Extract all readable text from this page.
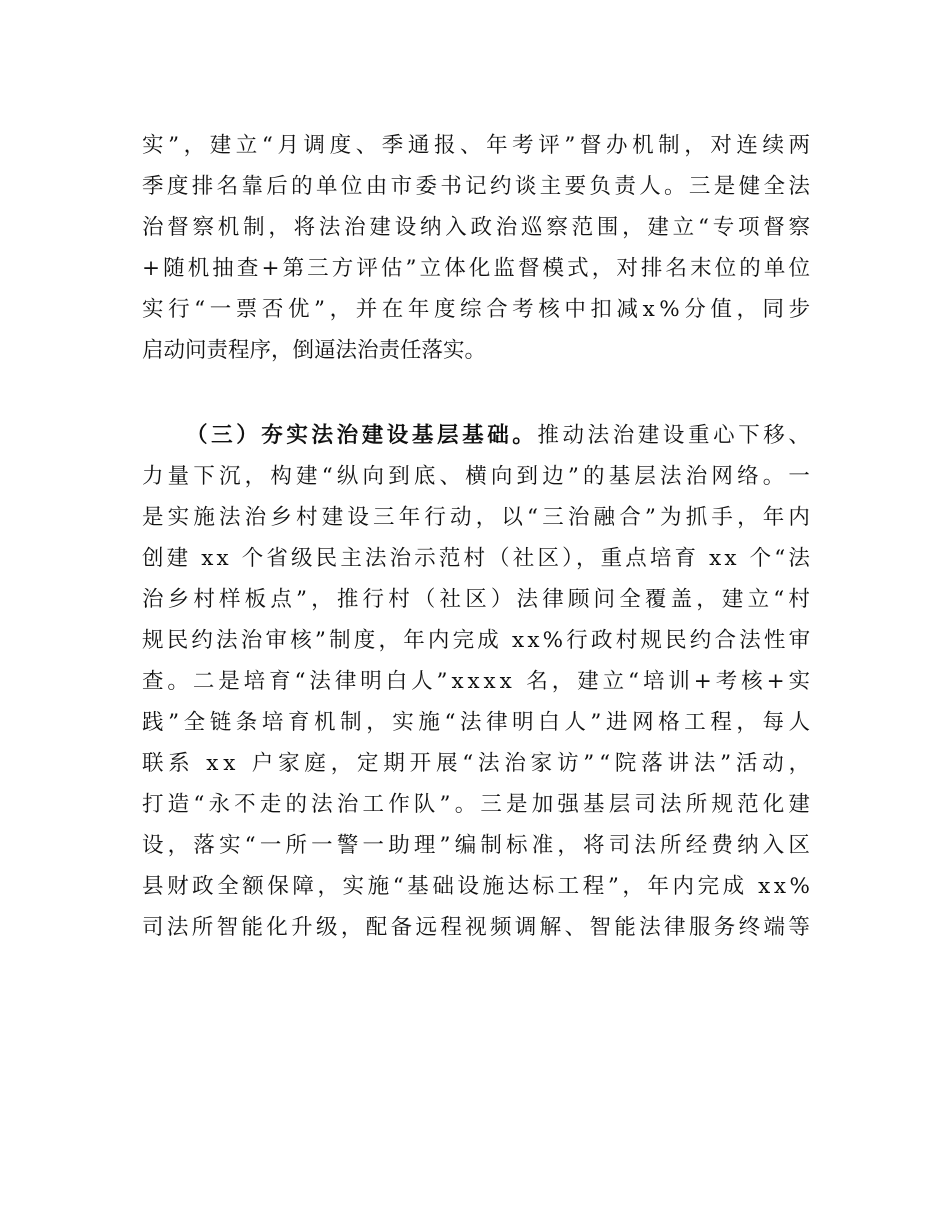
实”，建立“月调度、季通报、年考评”督办机制，对连续两
季度排名靠后的单位由市委书记约谈主要负责人。三是健全法
治督察机制，将法治建设纳入政治巡察范围，建立“专项督察
+随机抽查+第三方评估”立体化监督模式，对排名末位的单位
实行“一票否优”，并在年度综合考核中扣减x%分值，同步
启动问责程序，倒逼法治责任落实。
（三）夯实法治建设基层基础。推动法治建设重心下移、
力量下沉，构建“纵向到底、横向到边”的基层法治网络。一
是实施法治乡村建设三年行动，以“三治融合”为抓手，年内
创建 xx 个省级民主法治示范村（社区），重点培育 xx 个“法
治乡村样板点”，推行村（社区）法律顾问全覆盖，建立“村
规民约法治审核”制度，年内完成 xx%行政村规民约合法性审
查。二是培育“法律明白人”xxxx 名，建立“培训+考核+实
践”全链条培育机制，实施“法律明白人”进网格工程，每人
联系 xx 户家庭，定期开展“法治家访”“院落讲法”活动，
打造“永不走的法治工作队”。三是加强基层司法所规范化建
设，落实“一所一警一助理”编制标准，将司法所经费纳入区
县财政全额保障，实施“基础设施达标工程”，年内完成 xx%
司法所智能化升级，配备远程视频调解、智能法律服务终端等
